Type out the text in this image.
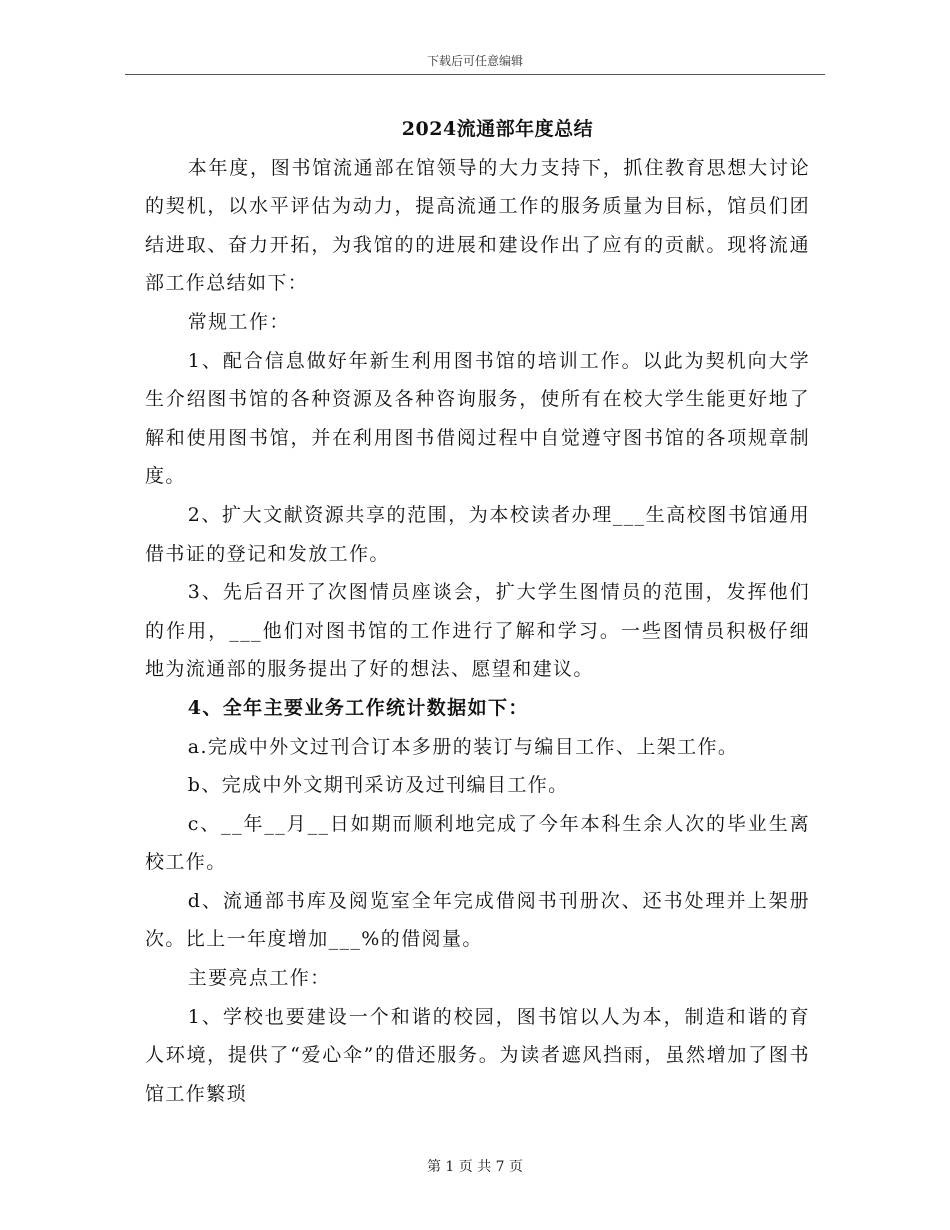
下载后可任意编辑

2024流通部年度总结

本年度，图书馆流通部在馆领导的大力支持下，抓住教育思想大讨论的契机，以水平评估为动力，提高流通工作的服务质量为目标，馆员们团结进取、奋力开拓，为我馆的的进展和建设作出了应有的贡献。现将流通部工作总结如下：

常规工作：

1、配合信息做好年新生利用图书馆的培训工作。以此为契机向大学生介绍图书馆的各种资源及各种咨询服务，使所有在校大学生能更好地了解和使用图书馆，并在利用图书借阅过程中自觉遵守图书馆的各项规章制度。

2、扩大文献资源共享的范围，为本校读者办理___生高校图书馆通用借书证的登记和发放工作。

3、先后召开了次图情员座谈会，扩大学生图情员的范围，发挥他们的作用，___他们对图书馆的工作进行了解和学习。一些图情员积极仔细地为流通部的服务提出了好的想法、愿望和建议。

4、全年主要业务工作统计数据如下：

a.完成中外文过刊合订本多册的装订与编目工作、上架工作。

b、完成中外文期刊采访及过刊编目工作。

c、__年__月__日如期而顺利地完成了今年本科生余人次的毕业生离校工作。

d、流通部书库及阅览室全年完成借阅书刊册次、还书处理并上架册次。比上一年度增加___%的借阅量。

主要亮点工作：

1、学校也要建设一个和谐的校园，图书馆以人为本，制造和谐的育人环境，提供了“爱心伞”的借还服务。为读者遮风挡雨，虽然增加了图书馆工作繁琐

第 1 页 共 7 页
